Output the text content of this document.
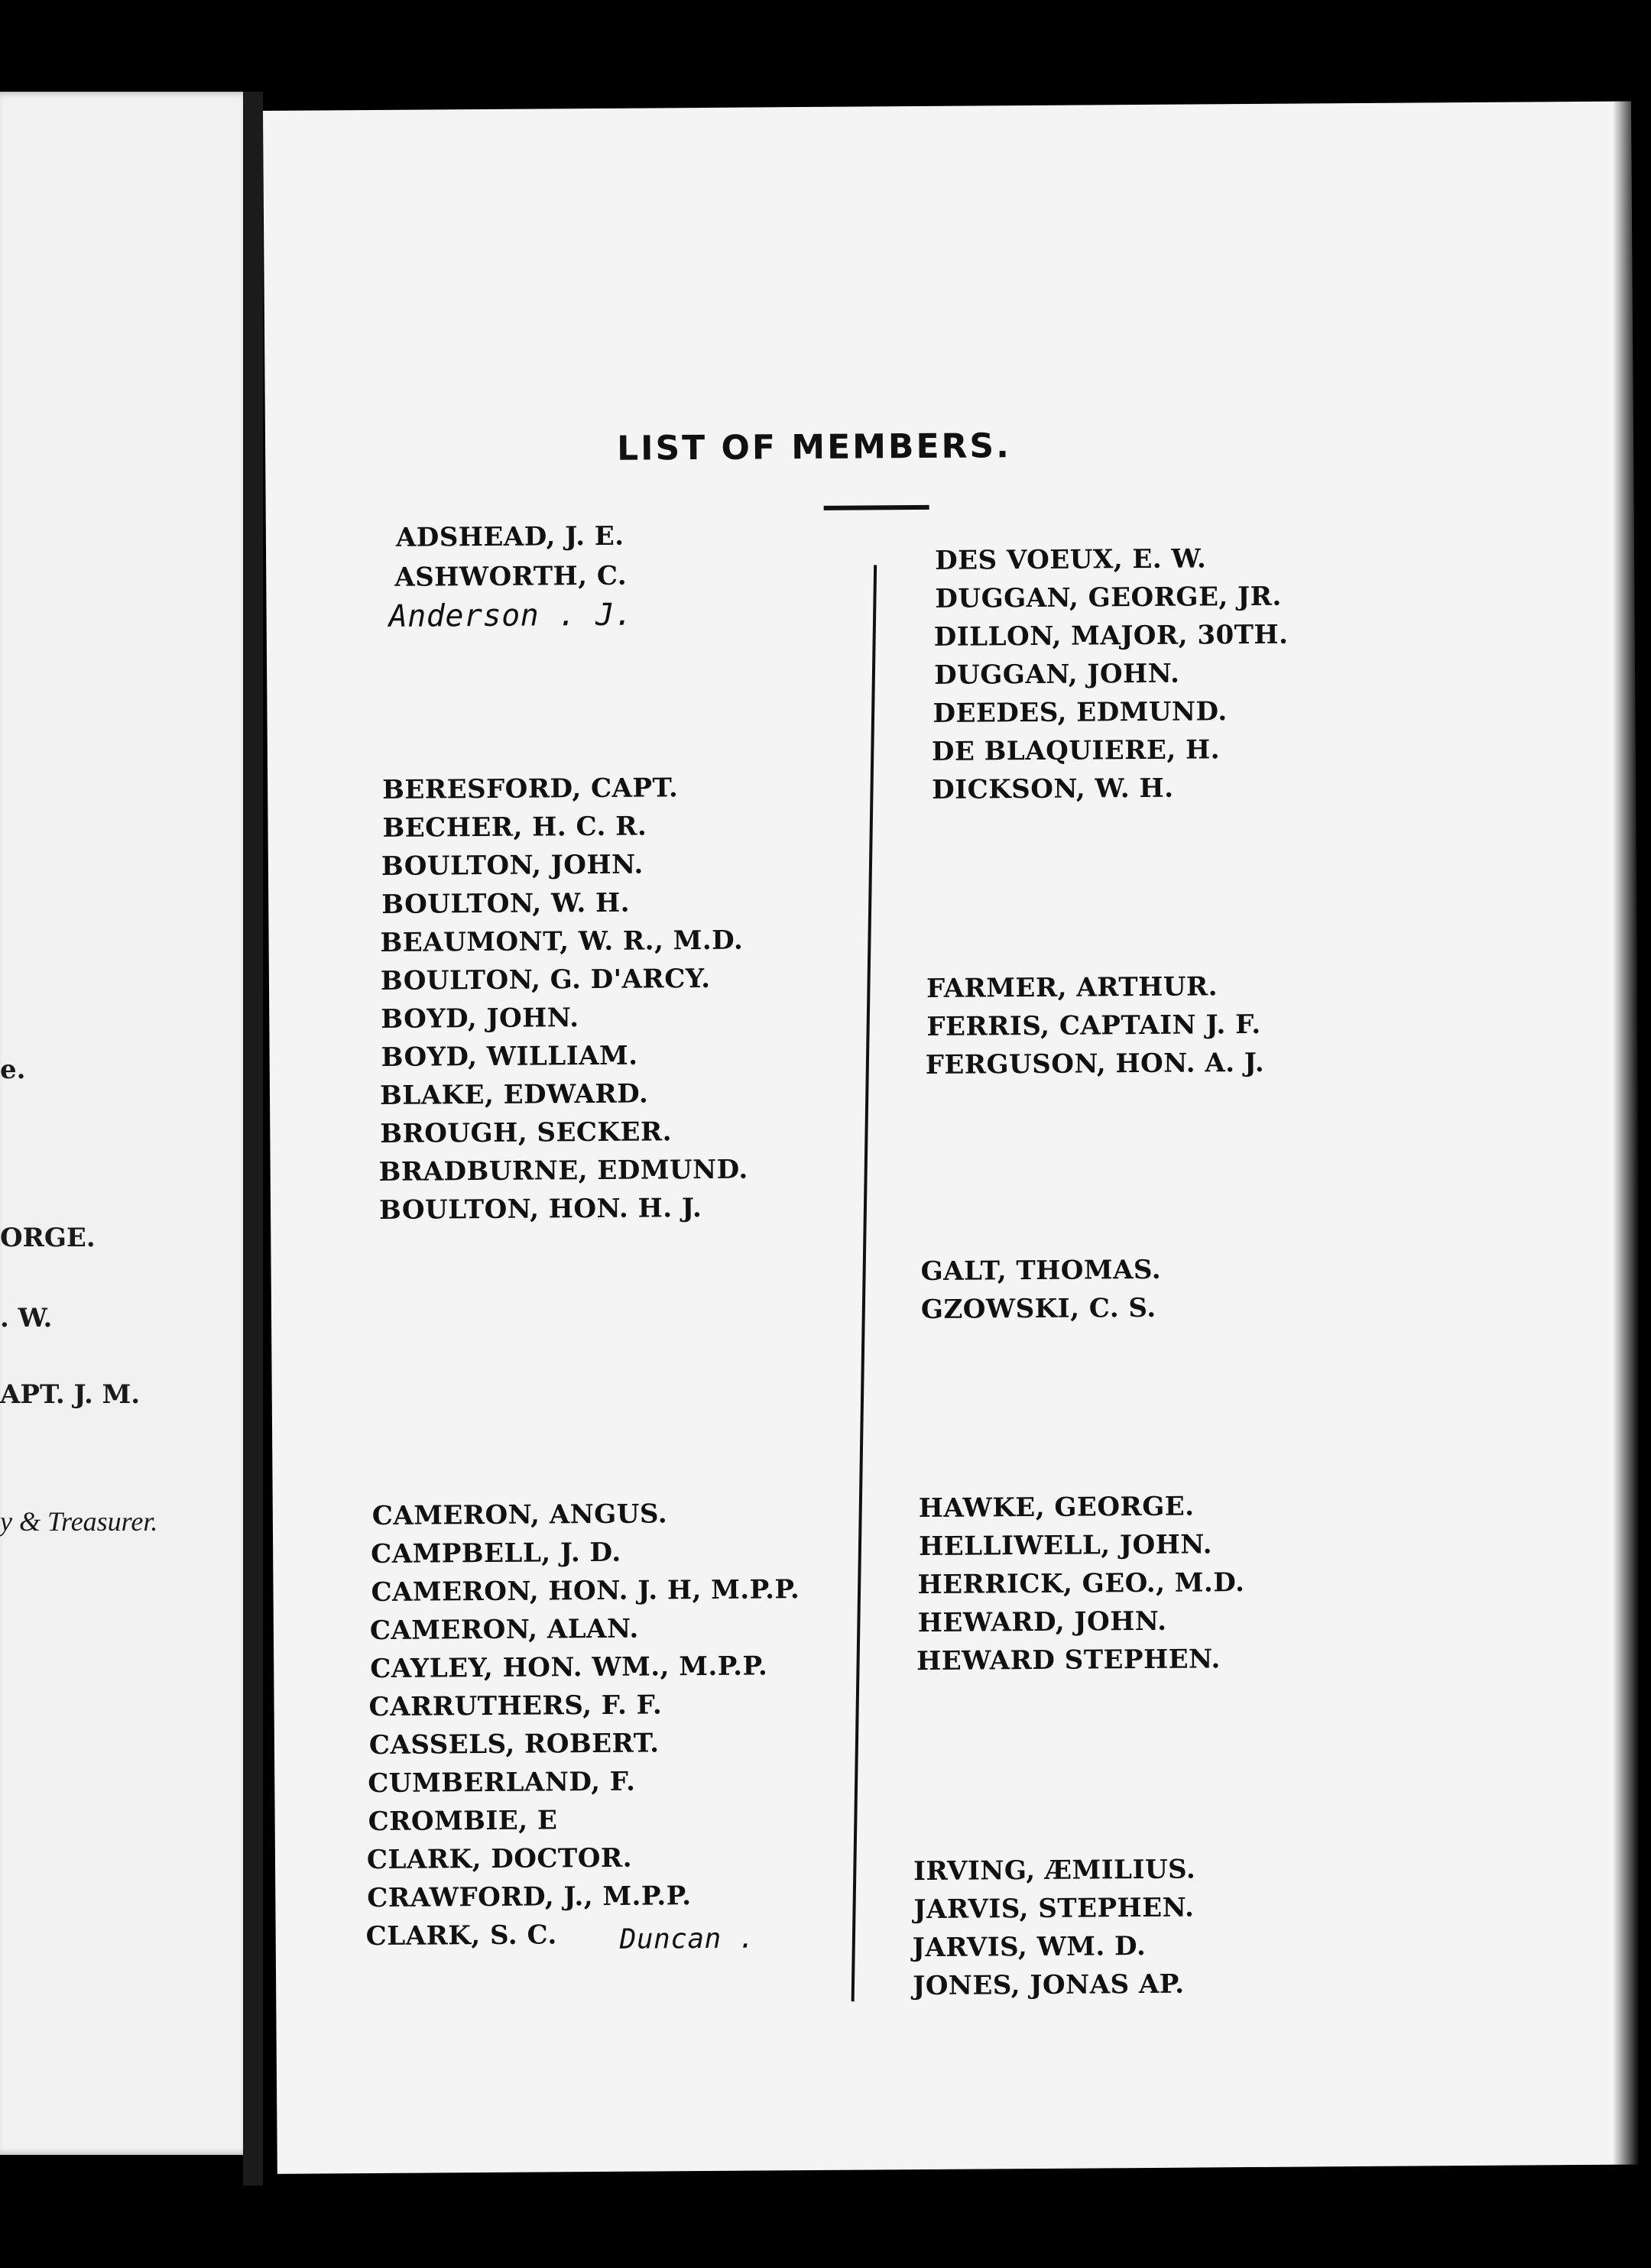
e.
ORGE.
. W.
APT. J. M.
y & Treasurer.
LIST OF MEMBERS.
ADSHEAD, J. E.
ASHWORTH, C.
Anderson . J.
BERESFORD, CAPT.
BECHER, H. C. R.
BOULTON, JOHN.
BOULTON, W. H.
BEAUMONT, W. R., M.D.
BOULTON, G. D'ARCY.
BOYD, JOHN.
BOYD, WILLIAM.
BLAKE, EDWARD.
BROUGH, SECKER.
BRADBURNE, EDMUND.
BOULTON, HON. H. J.
CAMERON, ANGUS.
CAMPBELL, J. D.
CAMERON, HON. J. H, M.P.P.
CAMERON, ALAN.
CAYLEY, HON. WM., M.P.P.
CARRUTHERS, F. F.
CASSELS, ROBERT.
CUMBERLAND, F.
CROMBIE, E
CLARK, DOCTOR.
CRAWFORD, J., M.P.P.
CLARK, S. C. Duncan .
DES VOEUX, E. W.
DUGGAN, GEORGE, JR.
DILLON, MAJOR, 30TH.
DUGGAN, JOHN.
DEEDES, EDMUND.
DE BLAQUIERE, H.
DICKSON, W. H.
FARMER, ARTHUR.
FERRIS, CAPTAIN J. F.
FERGUSON, HON. A. J.
GALT, THOMAS.
GZOWSKI, C. S.
HAWKE, GEORGE.
HELLIWELL, JOHN.
HERRICK, GEO., M.D.
HEWARD, JOHN.
HEWARD STEPHEN.
IRVING, ÆMILIUS.
JARVIS, STEPHEN.
JARVIS, WM. D.
JONES, JONAS AP.
